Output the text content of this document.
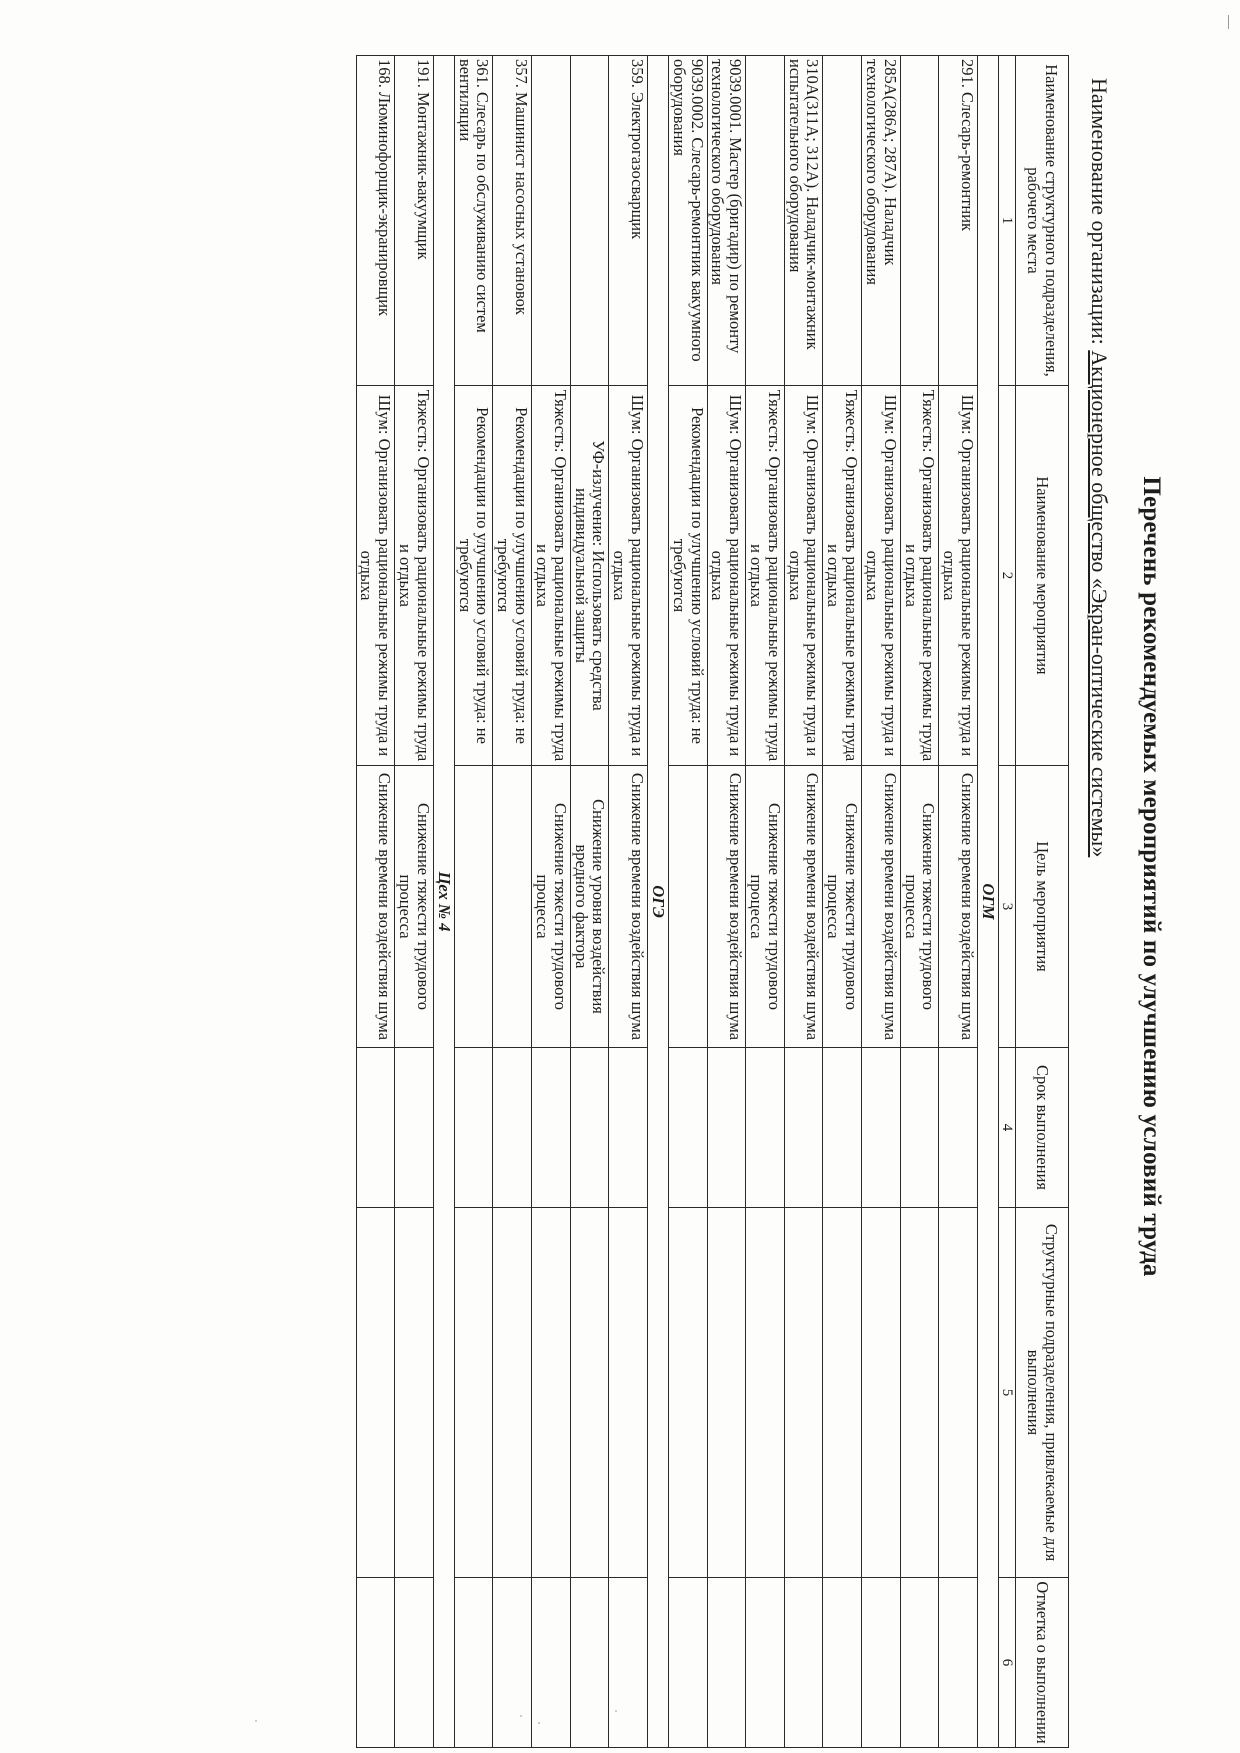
Перечень рекомендуемых мероприятий по улучшению условий труда
Наименование организации: Акционерное общество «Экран-оптические системы»
Наименование структурного подразделения, рабочего места	Наименование мероприятия	Цель мероприятия	Срок выполнения	Структурные подразделения, привлекаемые для выполнения	Отметка о выполнении
1	2	3	4	5	6
ОГМ					
291. Слесарь-ремонтник	Шум: Организовать рациональные режимы труда и отдыха	Снижение времени воздействия шума			
	Тяжесть: Организовать рациональные режимы труда и отдыха	Снижение тяжести трудового процесса			
285А(286А; 287А). Наладчик технологического оборудования	Шум: Организовать рациональные режимы труда и отдыха	Снижение времени воздействия шума			
	Тяжесть: Организовать рациональные режимы труда и отдыха	Снижение тяжести трудового процесса			
310А(311А; 312А). Наладчик-монтажник испытательного оборудования	Шум: Организовать рациональные режимы труда и отдыха	Снижение времени воздействия шума			
	Тяжесть: Организовать рациональные режимы труда и отдыха	Снижение тяжести трудового процесса			
9039.0001. Мастер (бригадир) по ремонту технологического оборудования	Шум: Организовать рациональные режимы труда и отдыха	Снижение времени воздействия шума			
9039.0002. Слесарь-ремонтник вакуумного оборудования	Рекомендации по улучшению условий труда: не требуются				
ОГЭ					
359. Электрогазосварщик	Шум: Организовать рациональные режимы труда и отдыха	Снижение времени воздействия шума			
	УФ-излучение: Использовать средства индивидуальной защиты	Снижение уровня воздействия вредного фактора			
	Тяжесть: Организовать рациональные режимы труда и отдыха	Снижение тяжести трудового процесса			
357. Машинист насосных установок	Рекомендации по улучшению условий труда: не требуются				
361. Слесарь по обслуживанию систем вентиляции	Рекомендации по улучшению условий труда: не требуются				
Цех № 4					
191. Монтажник-вакуумщик	Тяжесть: Организовать рациональные режимы труда и отдыха	Снижение тяжести трудового процесса			
168. Люминофорщик-экранировщик	Шум: Организовать рациональные режимы труда и отдыха	Снижение времени воздействия шума			
